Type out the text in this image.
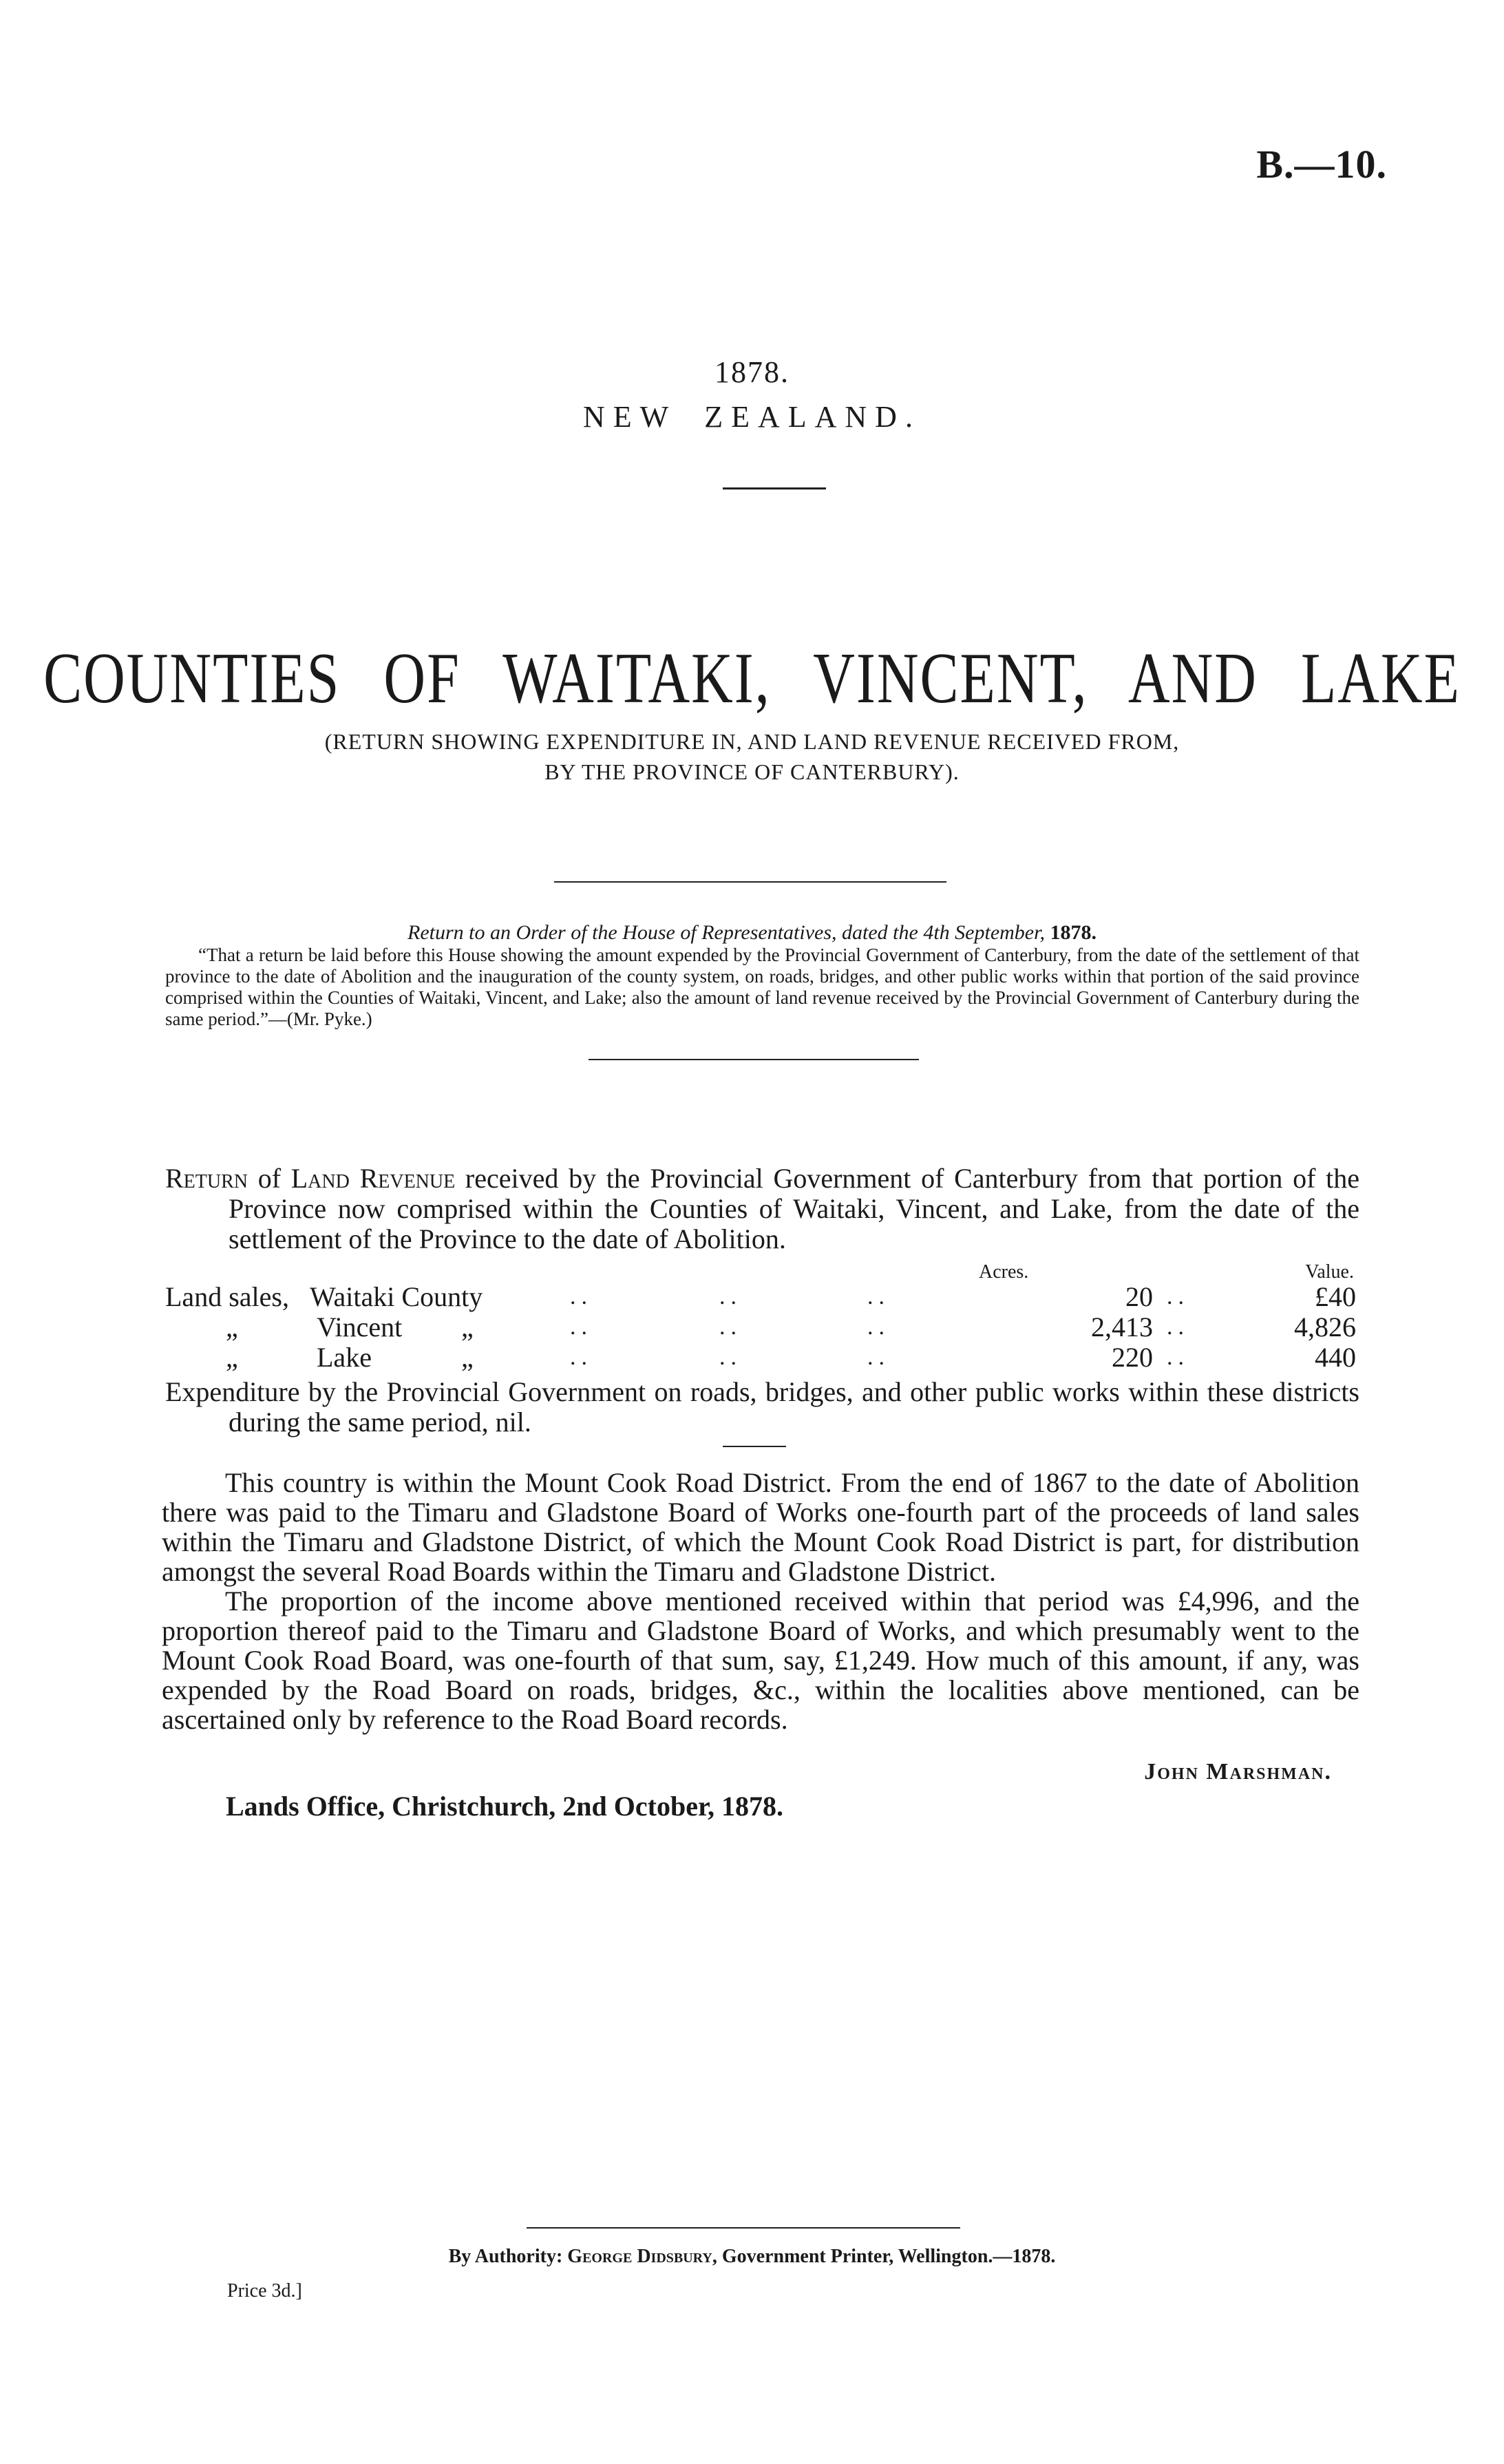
B.—10.
1878.
NEW ZEALAND.
COUNTIES OF WAITAKI, VINCENT, AND LAKE
(RETURN SHOWING EXPENDITURE IN, AND LAND REVENUE RECEIVED FROM,
BY THE PROVINCE OF CANTERBURY).
Return to an Order of the House of Representatives, dated the 4th September, 1878.

“That a return be laid before this House showing the amount expended by the Provincial Government of Canterbury, from the date of the settlement of that province to the date of Abolition and the inauguration of the county system, on roads, bridges, and other public works within that portion of the said province comprised within the Counties of Waitaki, Vincent, and Lake; also the amount of land revenue received by the Provincial Government of Canterbury during the same period.”—(Mr. Pyke.)

Return of Land Revenue received by the Provincial Government of Canterbury from that portion of the Province now comprised within the Counties of Waitaki, Vincent, and Lake, from the date of the settlement of the Province to the date of Abolition.
Acres.	Value.
Land sales, Waitaki County	..	..	..	20 ..	£40
„	Vincent „	..	..	..	2,413 ..	4,826
„	Lake	„	..	..	..	220 ..	440
Expenditure by the Provincial Government on roads, bridges, and other public works within these districts during the same period, nil.

This country is within the Mount Cook Road District. From the end of 1867 to the date of Abolition there was paid to the Timaru and Gladstone Board of Works one-fourth part of the proceeds of land sales within the Timaru and Gladstone District, of which the Mount Cook Road District is part, for distribution amongst the several Road Boards within the Timaru and Gladstone District.

The proportion of the income above mentioned received within that period was £4,996, and the proportion thereof paid to the Timaru and Gladstone Board of Works, and which presumably went to the Mount Cook Road Board, was one-fourth of that sum, say, £1,249. How much of this amount, if any, was expended by the Road Board on roads, bridges, &c., within the localities above mentioned, can be ascertained only by reference to the Road Board records.

John Marshman.
Lands Office, Christchurch, 2nd October, 1878.
By Authority: George Didsbury, Government Printer, Wellington.—1878.
Price 3d.]
